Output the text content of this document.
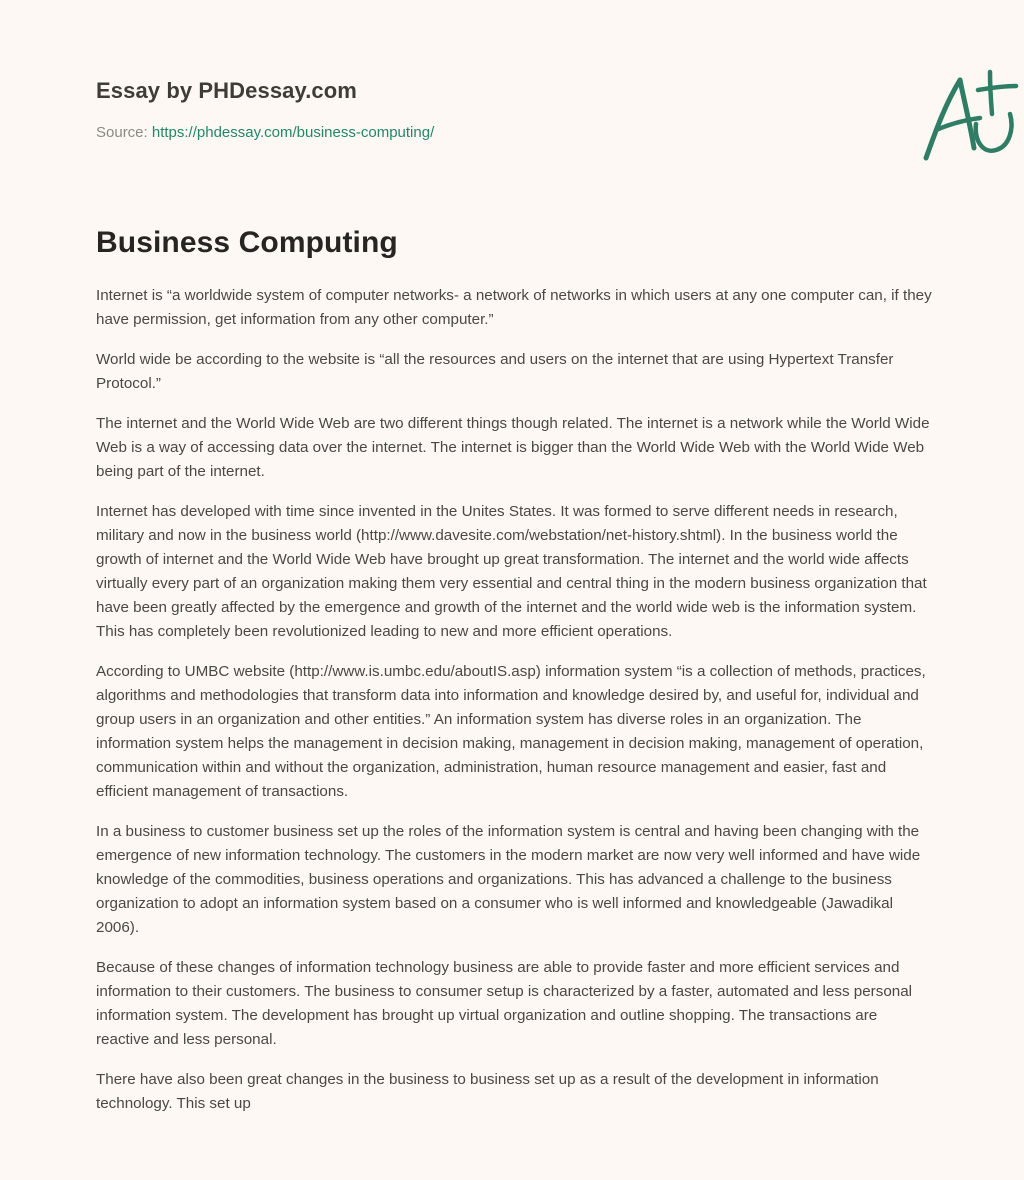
Essay by PHDessay.com

Source: https://phdessay.com/business-computing/

Business Computing

Internet is “a worldwide system of computer networks- a network of networks in which users at any one computer can, if they have permission, get information from any other computer.”

World wide be according to the website is “all the resources and users on the internet that are using Hypertext Transfer Protocol.”

The internet and the World Wide Web are two different things though related. The internet is a network while the World Wide Web is a way of accessing data over the internet. The internet is bigger than the World Wide Web with the World Wide Web being part of the internet.

Internet has developed with time since invented in the Unites States. It was formed to serve different needs in research, military and now in the business world (http://www.davesite.com/webstation/net-history.shtml). In the business world the growth of internet and the World Wide Web have brought up great transformation. The internet and the world wide affects virtually every part of an organization making them very essential and central thing in the modern business organization that have been greatly affected by the emergence and growth of the internet and the world wide web is the information system. This has completely been revolutionized leading to new and more efficient operations.

According to UMBC website (http://www.is.umbc.edu/aboutIS.asp) information system “is a collection of methods, practices, algorithms and methodologies that transform data into information and knowledge desired by, and useful for, individual and group users in an organization and other entities.” An information system has diverse roles in an organization. The information system helps the management in decision making, management in decision making, management of operation, communication within and without the organization, administration, human resource management and easier, fast and efficient management of transactions.

In a business to customer business set up the roles of the information system is central and having been changing with the emergence of new information technology. The customers in the modern market are now very well informed and have wide knowledge of the commodities, business operations and organizations. This has advanced a challenge to the business organization to adopt an information system based on a consumer who is well informed and knowledgeable (Jawadikal 2006).

Because of these changes of information technology business are able to provide faster and more efficient services and information to their customers. The business to consumer setup is characterized by a faster, automated and less personal information system. The development has brought up virtual organization and outline shopping. The transactions are reactive and less personal.

There have also been great changes in the business to business set up as a result of the development in information technology. This set up
